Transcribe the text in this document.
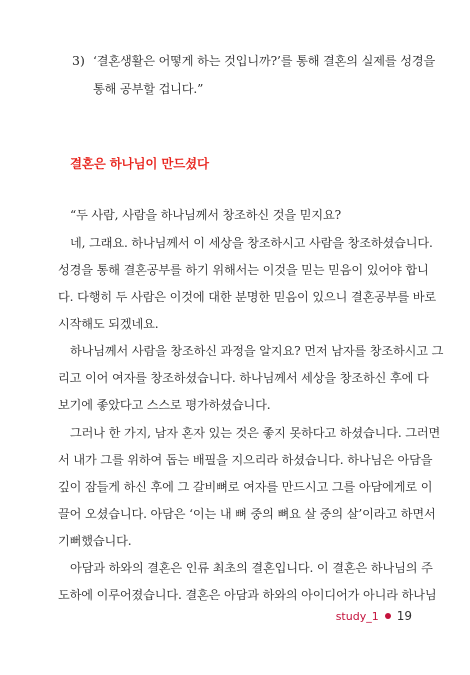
3) ‘결혼생활은 어떻게 하는 것입니까?’를 통해 결혼의 실제를 성경을
통해 공부할 겁니다.”
결혼은 하나님이 만드셨다
“두 사람, 사람을 하나님께서 창조하신 것을 믿지요?
네, 그래요. 하나님께서 이 세상을 창조하시고 사람을 창조하셨습니다.
성경을 통해 결혼공부를 하기 위해서는 이것을 믿는 믿음이 있어야 합니
다. 다행히 두 사람은 이것에 대한 분명한 믿음이 있으니 결혼공부를 바로
시작해도 되겠네요.
하나님께서 사람을 창조하신 과정을 알지요? 먼저 남자를 창조하시고 그
리고 이어 여자를 창조하셨습니다. 하나님께서 세상을 창조하신 후에 다
보기에 좋았다고 스스로 평가하셨습니다.
그러나 한 가지, 남자 혼자 있는 것은 좋지 못하다고 하셨습니다. 그러면
서 내가 그를 위하여 돕는 배필을 지으리라 하셨습니다. 하나님은 아담을
깊이 잠들게 하신 후에 그 갈비뼈로 여자를 만드시고 그를 아담에게로 이
끌어 오셨습니다. 아담은 ‘이는 내 뼈 중의 뼈요 살 중의 살’이라고 하면서
기뻐했습니다.
아담과 하와의 결혼은 인류 최초의 결혼입니다. 이 결혼은 하나님의 주
도하에 이루어졌습니다. 결혼은 아담과 하와의 아이디어가 아니라 하나님
study_1 19
